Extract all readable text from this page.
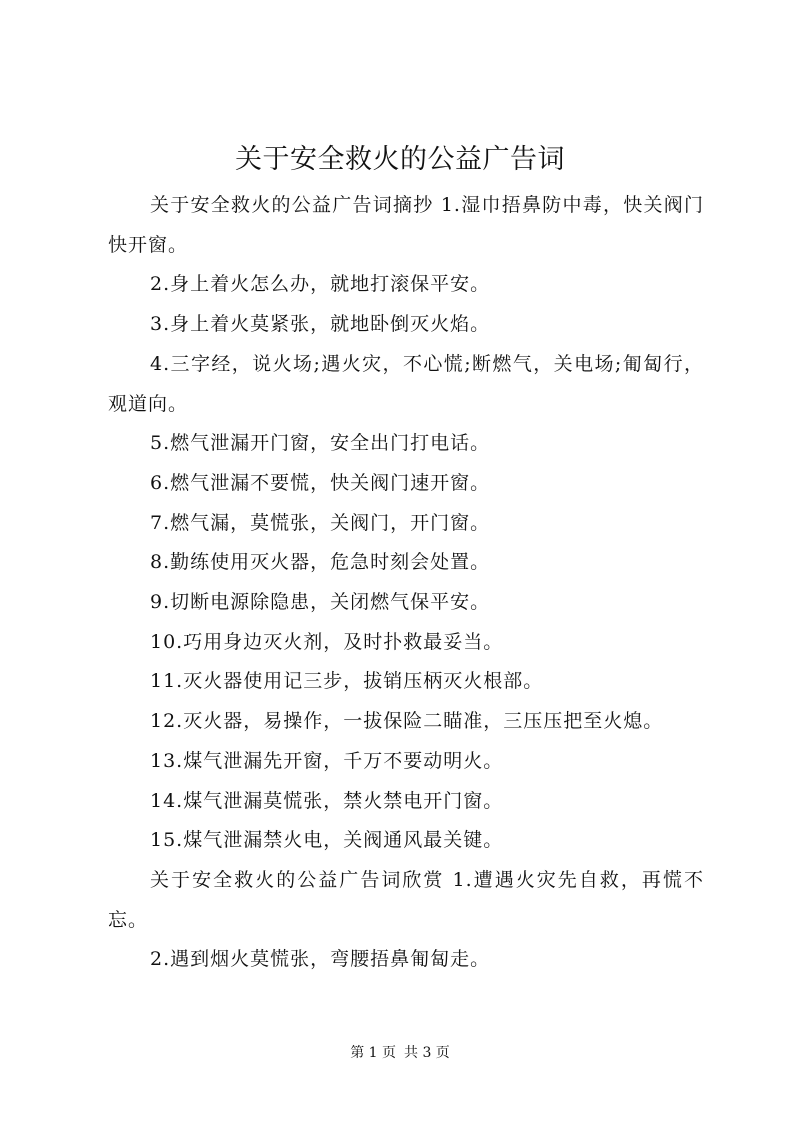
关于安全救火的公益广告词

关于安全救火的公益广告词摘抄 1.湿巾捂鼻防中毒，快关阀门快开窗。

2.身上着火怎么办，就地打滚保平安。

3.身上着火莫紧张，就地卧倒灭火焰。

4.三字经，说火场;遇火灾，不心慌;断燃气，关电场;匍匐行，观道向。

5.燃气泄漏开门窗，安全出门打电话。

6.燃气泄漏不要慌，快关阀门速开窗。

7.燃气漏，莫慌张，关阀门，开门窗。

8.勤练使用灭火器，危急时刻会处置。

9.切断电源除隐患，关闭燃气保平安。

10.巧用身边灭火剂，及时扑救最妥当。

11.灭火器使用记三步，拔销压柄灭火根部。

12.灭火器，易操作，一拔保险二瞄准，三压压把至火熄。

13.煤气泄漏先开窗，千万不要动明火。

14.煤气泄漏莫慌张，禁火禁电开门窗。

15.煤气泄漏禁火电，关阀通风最关键。

关于安全救火的公益广告词欣赏 1.遭遇火灾先自救，再慌不忘。

2.遇到烟火莫慌张，弯腰捂鼻匍匐走。

第 1 页 共 3 页
